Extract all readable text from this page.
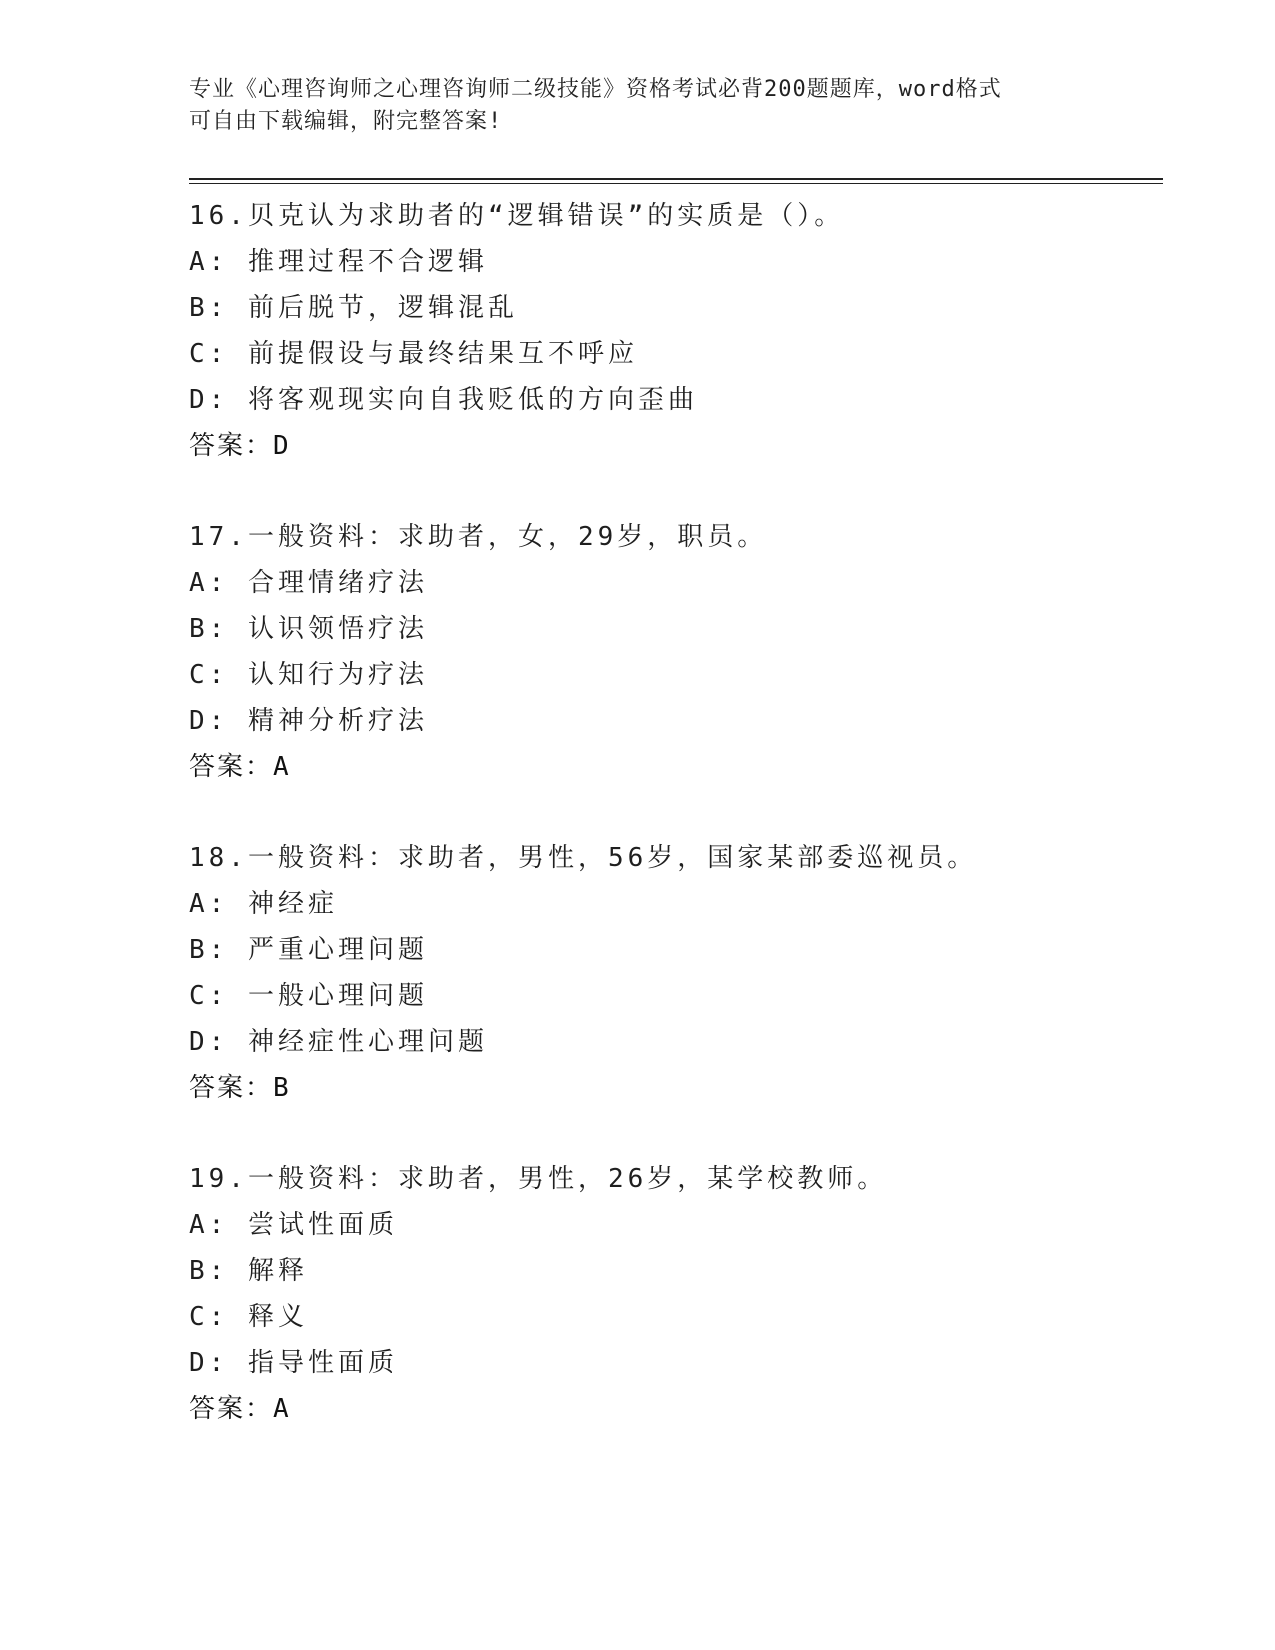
专业《心理咨询师之心理咨询师二级技能》资格考试必背200题题库，word格式
可自由下载编辑，附完整答案!
16.贝克认为求助者的“逻辑错误”的实质是（）。
A: 推理过程不合逻辑
B: 前后脱节，逻辑混乱
C: 前提假设与最终结果互不呼应
D: 将客观现实向自我贬低的方向歪曲
答案：D
17.一般资料：求助者，女，29岁，职员。
A: 合理情绪疗法
B: 认识领悟疗法
C: 认知行为疗法
D: 精神分析疗法
答案：A
18.一般资料：求助者，男性，56岁，国家某部委巡视员。
A: 神经症
B: 严重心理问题
C: 一般心理问题
D: 神经症性心理问题
答案：B
19.一般资料：求助者，男性，26岁，某学校教师。
A: 尝试性面质
B: 解释
C: 释义
D: 指导性面质
答案：A
